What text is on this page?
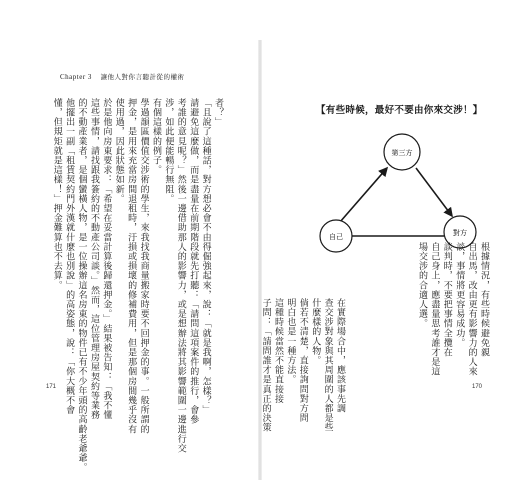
Chapter 3 讓他人對你言聽計從的權術
者？」
「且說了這種話，對方想必會不由得倔強起來，說：「就是我啊，怎樣？」
請避免這麼做，而是盡量在前期階段就先打聽：「請問這項案件的推行，會參
考誰的意見呢？」然後一邊借助那人的影響力，或是想辦法將其影響範圍一邊進行交
涉，如此便能暢行無阻。
有個這樣的例子。
學過韻區價值交涉術的學生，來我找我商量搬家時要不回押金的事。一般所謂的
押金，是用來充當房間退租時，汙損或損壞的修補費用，但是那個房間幾乎沒有
使用過，因此狀態如新。
於是他向房東要求：「希望在妥當計算後歸還押金。」結果被告知：「我不懂
這些事情，請找跟我簽約的不動產公司談。」然而，這位管理房屋契約等業務
的不動產業者，是個蠻橫人物，是一位操辦這名房東的物件已有不少年頭的高齡老爺爺。
他擺出一副「租賃契約門外漢就什麼也別說」的高姿態，說：「你大概不會
懂，但規矩就是這樣！」押金難算也不去算。
171
【有些時候，最好不要由你來交涉！】
第三方
自己	對方
根據情況，有些時候避免親
自出馬，改由更有影響力的人來
談，事情將更容易成功。
談判時，不要把事情全攬在
自己身上，應盡量思考誰才是這
場交涉的合適人選。
在實際場合中，應該事先調
查交涉對象與其周圍的人都是些
什麼樣的人物。
倘若不清楚，直接詢問對方問
明白也是一種方法。
這種時候當然不能直接接
子問：「請問誰才是真正的決策	170
